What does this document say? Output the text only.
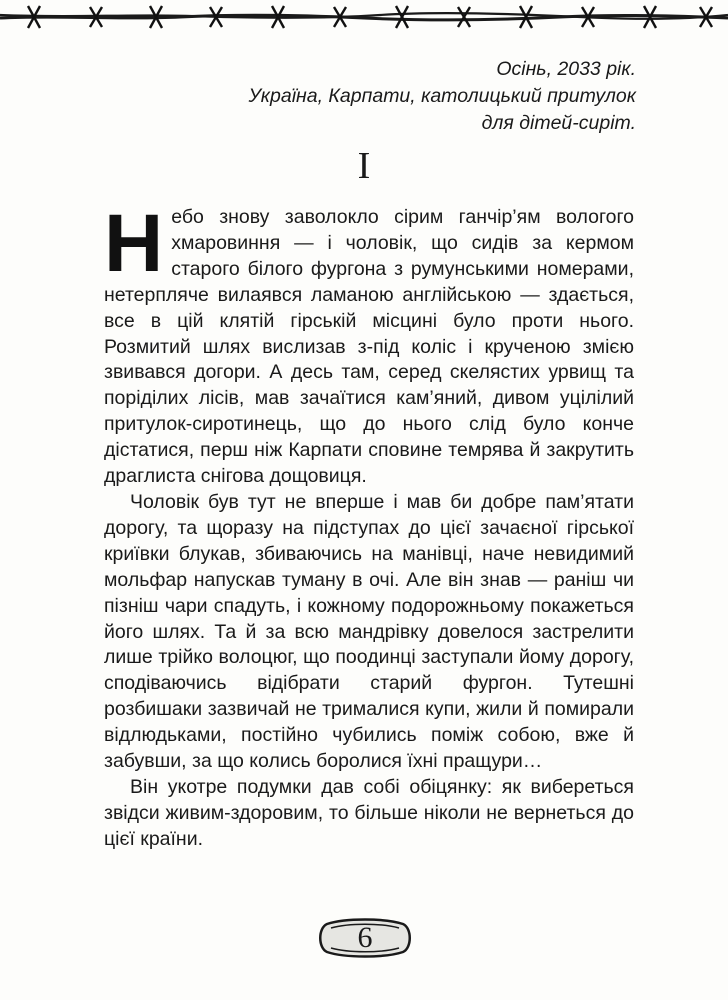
Осінь, 2033 рік.
Україна, Карпати, католицький притулок
для дітей-сиріт.
I

Небо знову заволокло сірим ганчір’ям вологого хмаровиння — і чоловік, що сидів за кермом старого білого фургона з румунськими номерами, нетерпляче вилаявся ламаною англійською — здається, все в цій клятій гірській місцині було проти нього. Розмитий шлях вислизав з-під коліс і крученою змією звивався догори. А десь там, серед скелястих урвищ та порідiлих лісів, мав зачаїтися кам’яний, дивом уцілілий притулок-сиротинець, що до нього слід було конче дістатися, перш ніж Карпати сповине темрява й закрутить драглиста снігова дощовиця.

Чоловік був тут не вперше і мав би добре пам’ятати дорогу, та щоразу на підступах до цієї зачаєної гірської криївки блукав, збиваючись на манівці, наче невидимий мольфар напускав туману в очі. Але він знав — раніш чи пізніш чари спадуть, і кожному подорожньому покажеться його шлях. Та й за всю мандрівку довелося застрелити лише трійко волоцюг, що поодинці заступали йому дорогу, сподіваючись відібрати старий фургон. Тутешні розбишаки зазвичай не трималися купи, жили й помирали відлюдьками, постійно чубились поміж собою, вже й забувши, за що колись боролися їхні пращури…

Він укотре подумки дав собі обіцянку: як вибереться звідси живим-здоровим, то більше ніколи не вернеться до цієї країни.

6
